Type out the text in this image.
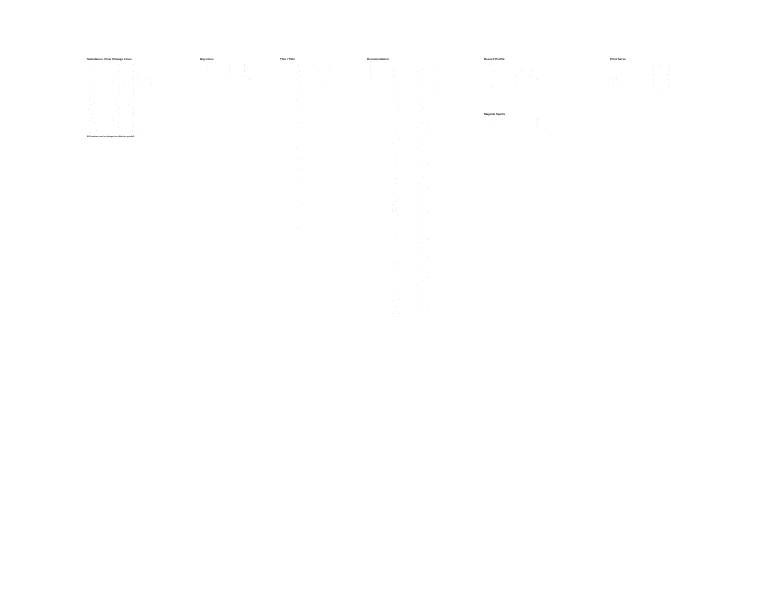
Swimlanes: Flow Change Lines
Part Name	Locations
Thunder River	Sellers City / Amber Hotel Garage
Fern Bloon	Sellers City / Red Hotel Garage, Flake Hill Market
Slate Hedge	Riverside Hotel Garden, Mid Square
Jazz Wharf	Sellers City / Amber Hotel Garage, Mid Square
Pelton Drive	Corporate Headquarters / Sellers City, River Point
Lark Petra	Sellers City / Amber Hotel Garage
Iris Moss	Fountain Records / Sellers City, Dome Park Garage
Wilco Street	Corporate Headquarters, Riverside Hotel Garden
Ocean Bend	Corporate Headquarters, Sellers City / Amber Hotel Garage
Royal Stone	Sellers City / Amber Hotel Garage
Maple Street	Sellers City / Amber Hotel Garage
Lindsey Court	Sellers City / Amber Hotel Garage
Velvet Lane	Sellers City / Amber Hotel Garage
Ruby Gap	Mid Square / Riverside Hotel, Gate 12 Street
Bright Brook	Fountain Hotel, River Point
Marsh Laguna	Mid Square / Amber Hotel Garage
Sleepy Hollow	Mid Square / Sellers City
Nettle Cove	Sellers City / Amber Hotel Garage
Ripple Point	Sellers City / Amber Hotel Garage
Stone Garden	Sellers City / Amber Hotel Garage
Sunny Slope	Sellers City / Amber Hotel Garage
Amethyst Outlook	Corporate Center
Maple Grove East	Corporate Center
Cedar Ridge	Sellers City / Amber Hotel Garage, East Harbor
Timber Market	Sellers City / Amber Hotel Garage, Flake Hill Market
Pine Harbor	Sellers City / Amber Hotel Garage
Golden Grange	Fountain Records / Sellers City, Riverside Hotel Garden
Ivory Vista Point	Fountain Records / Amber Hotel Garage
Gray Court North	Sellers City / Amber Hotel Garage
Big Lines
Part Name	Locations
East Harbor	Sellers City / Amber Hotel Garage
North Ridge	Sellers City / Amber Hotel Garage
Dumbar	Sellers City / Amber Hotel Garage
North Delta	Sellers City / Amber Hotel Garage
Iron Shore	Sellers City / Amber Hotel Garage
Boulder Rock	Fountain Hotel / Sellers City, Flake Hill Market
Fernhill Central	Fountain Records / Amber Hotel Garage
This / Title
Part Name	Route	Locations
PORK	Glory	Fountain Middle East
PORK	Copper Slate	North Center Garage
PORK	Hollow Grove	Fountain Hotel / Riverside Hotel
PORK	Rising	Glory Hill Street
PORK	Grove	Flake Hill Market
PORK	Moonlight	Fountain Middle / Central
PORK	Bay Inn	Corporate Center
PORK	Amber Gold	North / Corporate Street
PORK	Golden Crown	Fountain / Corporate
PORK	Iron Bay	Pioneer Street
PORK	Dusk	Amber Hills
PORK	Sundown	Pioneer Street
PORK	Marigold	Sellers Garden
PORK	Blossom Inn	Pioneer / Sellers Street
PORK	Light Stream	West Fountain
PORK	Willow	North Market
PORK	West Plaza	West Fountain
PORK	Ridge Stone	West Garden
PORK	Harbor Lane	North Fountain Street
PORK	Gold Street	Sellers Hill Street
PORK	Sun	Riverside / Middle Street
PORK	Thunderhead	Pioneer Street
PORK	Golden Gate	Flake / Riverside Market
PORK	Amethyst	Pioneer Street
PORK	Hawthorn	Fountain / North Garden
PORK	Sky	Riverside Hotel / Corporate
PORK	Dunes	Fountain Street
PORK	Riverside	Amber Hotel / Corporate
PORK	Moonbeam	Sellers Hill Garden
PORK	Alpine	North Harbor Garden
PORK	Anchor	North Fountain
PORK	Storm Haven	Amber Hill
PORK	Paramount	West / Corporate
PORK	Bright Moon	Riverside Hotel
PORK	Breakwater	North Street
PORK	Iron Mast	Sellers Garden
PORK	Bow Creek	North Corporate
PORK	Hope Bay	Riverside / Fountain Hotel
PORK	Harvest	Amber Street
PORK	Ironwood	Pioneer Street
PORK	Green Arrow	Fountain / Corporate
PORK	Ridge	North Street
PORK	Pine	Corporate Riverside Market
PORK	Ember	Sellers Middle Street
PORK	Stone Bay	Amber Hotel / Pioneer
PORK	Wild Rose	Sellers Street
PORK	Emerald	Fountain Street
PORK	Cascade	Riverside / Sellers
PORK	Bluebird	West Hills
PORK	Silver	Amber Street
PORK	Echo Hill	Pioneer Fountain
PORK	Rainbow	West Sellers Garden
PORK	Cedar Grove	North Corporate
PORK	Flame	Pioneer Market
PORK	Tulip	Fountain Middle Street
PORK	River Edge	Pioneer
PORK	Violet	Amber Hills Garden
PORK	Sunrise	North / Sellers Street
PORK	Grand	Corporate Street
PORK	Forest	Riverside Middle Street
PORK	Falcon	Amber / Riverside
PORK	Westbound	Pioneer Street
PORK	Dawn	Fountain Street
PORK	Meadow	North Riverside
PORK	Sapphire	Amber Market
CARGO	Vale	West / Fountain Street
CARGO	Fox	Pioneer Street
CARGO	Hill	Sellers Hill Garden
CARGO	Lark	North / Corporate
CARGO	Maple	Riverside / Amber
CARGO	Stream	Fountain Street
CARGO	Glade	Pioneer Hills
CARGO	Haven	West Market
CARGO	Summit	Amber Street
CARGO	Brook	North Sellers
Documentation
Category	Name	Locations
Utility	Delta Beam	Fountain Hotel / Sellers City
Utility	North Vane	Park Mall / Corporate
Utility	Rising Star	Sellers City / Amber Hotel
Utility	Magnet Bend	Corporate Center
Utility	Compass Rose	Riverside Hotel Garden
Utility	Lighthouse	Sellers City / Mid Square
Utility	Beam Kettle	Park Mall / Amber Hotel
Fleet	Ember Fleet	Fountain Records / Sellers City
Fleet	Storm Rider	Park Mall / Corporate
Fleet	Swift Wing	Sellers City / Amber Hotel
Fleet	Arrowhead	Riverside Hotel / Sellers City
Fleet	Dragon Fleet	Corporate Center
Fleet	Iron Hull	Park Mall / Mid Square
Fleet	Red Comet	Sellers City / Amber Hotel
Fleet	Sky Runner	Riverside Hotel Garden
Fleet	Star Anchor	Fountain Hotel / Corporate
Fleet	Thunder	Mid Square / Park Mall
Fleet	Wave Crest	Sellers City / Corporate
Structure	TC Building	Sellers City / Amber Hotel
Structure	Orion Hall	Fountain Hotel
Structure	Atrium	Corporate Center
Structure	Pavilion	Park Mall
Structure	Tower 4	Riverside Hotel
Structure	Arcade	Sellers City / Mid Square
Structure	Rotunda	Amber Hotel Garage
Structure	Annex	Corporate Center
Structure	Gallery	Fountain Records
Structure	Bell Tower	Park Mall / Sellers City
Structure	Vault	Mid Square
Structure	Conservatory	Riverside Hotel Garden
Structure	Observatory	Amber Hotel / Corporate
Structure	Depot	Sellers City / Park Mall
Structure	Warehouse	Fountain Hotel
Plan	Blue Prints	Corporate Center
Plan	Site Plan	Sellers City / Amber Hotel
Plan	Survey Map	Park Mall
Plan	Zoning Draft	Riverside Hotel Garden
Plan	Grid Layout	Mid Square
Plan	Floor Guide	Fountain Records
Plan	Route Sketch	Sellers City / Corporate
Plan	Drainage	Amber Hotel Garage
Plan	Elevation	Park Mall / Mid Square
Plan	Lot Split	Riverside Hotel
Plan	Master Plan	Corporate Center
Plan	Phase Two	Sellers City / Amber Hotel
Plan	Utility Map	Fountain Hotel
Plan	Parcel Grid	Park Mall
Plan	Frontage	Mid Square / Corporate
Plan	Setback	Riverside Hotel Garden
Plan	Easement	Amber Hotel Garage
Plan	Contour	Sellers City / Park Mall
Plan	Alignment	Fountain Records
Plan	Landscape	Corporate Center
Plan	Traffic Flow	Mid Square
Plan	Parking	Sellers City / Amber Hotel
Plan	Egress	Riverside Hotel
Plan	Transit Link	Park Mall / Corporate
Plan	Lighting	Fountain Hotel
Plan	Signage	Amber Hotel Garage
Plan	Boundary	Sellers City
Plan	Waterline	Mid Square / Park Mall
Plan	Sewer Map	Corporate Center
Plan	Road Grid	Riverside Hotel Garden
Plan	Cross Section	Fountain Records
Plan	Footprint	Sellers City / Amber Hotel
Plan	Annex Plan	Park Mall
Plan	Lot Lines	Mid Square
Plan	Grading	Corporate Center
Plan	Plaza Plan	Riverside Hotel
Plan	Yard Plan	Amber Hotel Garage
Plan	Storm Drain	Sellers City / Park Mall
Plan	Roof Plan	Fountain Hotel
Plan	Wall Detail	Mid Square / Corporate
Plan	Path Map	Riverside Hotel Garden
Plan	Bike Lane	Sellers City
Plan	Fence Line	Park Mall
Plan	Dock Plan	Amber Hotel Garage
Plan	Gate Plan	Corporate Center
Plan	Bay Layout	Fountain Records
Plan	Ramp Plan	Mid Square
Plan	Vent Map	Sellers City / Amber Hotel
Plan	Duct Plan	Riverside Hotel
Plan	Tank Site	Park Mall / Corporate
Plan	Well Site	Fountain Hotel
Plan	Yard Grid	Amber Hotel Garage
Plan	Pit Plan	Sellers City
Plan	Mast Plan	Mid Square / Park Mall
Plan	Kiosk Plan	Corporate Center
Plan	Shelter	Riverside Hotel Garden
Plan	Hangar	Fountain Records
Creative	Mural Draft	Sellers City / Amber Hotel
Creative	Poster Set	Park Mall
Creative	Color Study	Mid Square
Creative	Logo Sketch	Corporate Center
Creative	Banner Art	Riverside Hotel
Creative	Storyboard	Amber Hotel Garage
Creative	Photo Set	Fountain Hotel
Creative	Mock Up	Sellers City / Park Mall
Creative	Type Study	Mid Square / Corporate
Creative	Icon Set	Riverside Hotel Garden
Creative	Palette	Fountain Records
Record Profile
Name	Locations
Diversity Room	Sellers Loft
Gravel Creek	Lower Flow, Alto, Barber Museum
Fern Idle View	Barber Hotel Garage, Sellers City, Riverside Hotel
Tranquil Valley	Barber Hotel Garage, Sellers City
Trail Bank	Sellers City / Amber Hotel Garage
Mt Ember Trap	Sellers City / Fountain, Mid Square, Riverside Hotel
Woodstone	Sellers Middle Street, Amber Hotel Garage
Portal Gates	Pioneer Hill / Fountain, Lower Mills
Mid Wash Bays	Sellers City / Fountain, Amber Hills
Grand Ridge	Amber Hotel / Fountain, Pioneer Street
Magical Spirits
Name	Locations
Little Harbor	Fountain Hotel Wave, Amber Hotel Garage
Alpine Summit	Fountain Hotel Wave, Amber Hotel Garage
Golden Sunrise	Fountain Hotel Wave, Amber Hotel Garage
Forest Harmony	Fountain Hotel Wave, Amber Hotel Garage
Sunset Meadow	Sellers Hills, Riverside / Fountain, Amber Hotel Garage
Print Serve
Part Name	Tier	Locations
Lakeview	Standard	Barber Hotel Garage / Sellers City
Great Rivers	Premium	Sellers City / Amber Hotel Garage
North Station	Premium	Sellers City / Amber Hotel Garage
Blue Crest	Premium	Sellers City / Amber Hotel Garage
River Point	Premium	Sellers City / Amber Hotel Garage
Coral Bay	Standard	Riverside Hotel / Sellers City
Long Bay	Standard	Sellers City / Amber Hotel Garage
Pine Summit	Premium	Riverside Hotel / Fountain, Mid Square
Ruby Harbor	Standard	Sellers City / Amber Hotel Garage
Misty Valley	Standard	Sellers City / Amber Hotel Garage
Falcon Nest	Standard	Corporate Headquarters, River Point
All locations can be changed or edited as needed.
